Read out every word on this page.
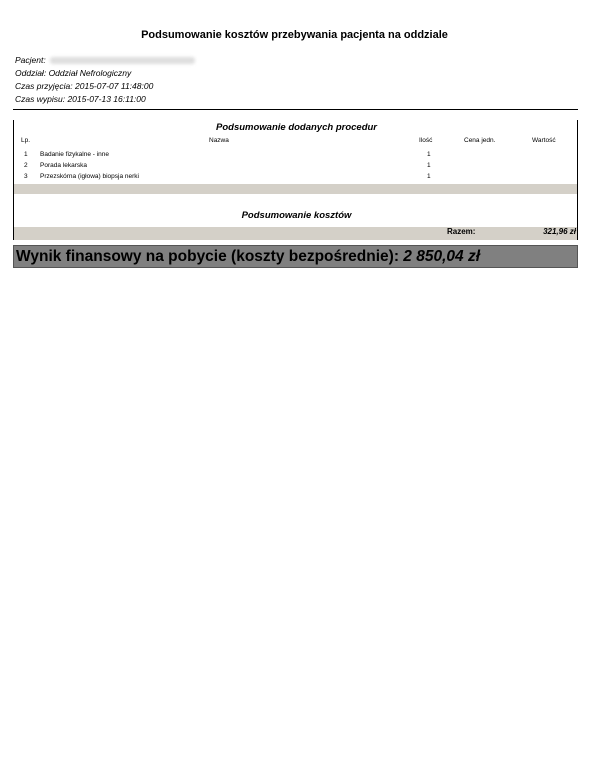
Podsumowanie kosztów przebywania pacjenta na oddziale
Pacjent:
Oddział: Oddział Nefrologiczny
Czas przyjęcia: 2015-07-07 11:48:00
Czas wypisu: 2015-07-13 16:11:00
Podsumowanie dodanych procedur
Lp.	Nazwa	Ilość	Cena jedn.	Wartość
1 Badanie fizykalne - inne	1
2 Porada lekarska	1
3 Przezskórna (igłowa) biopsja nerki	1
Podsumowanie kosztów
Razem:	321,96 zł
Wynik finansowy na pobycie (koszty bezpośrednie): 2 850,04 zł
